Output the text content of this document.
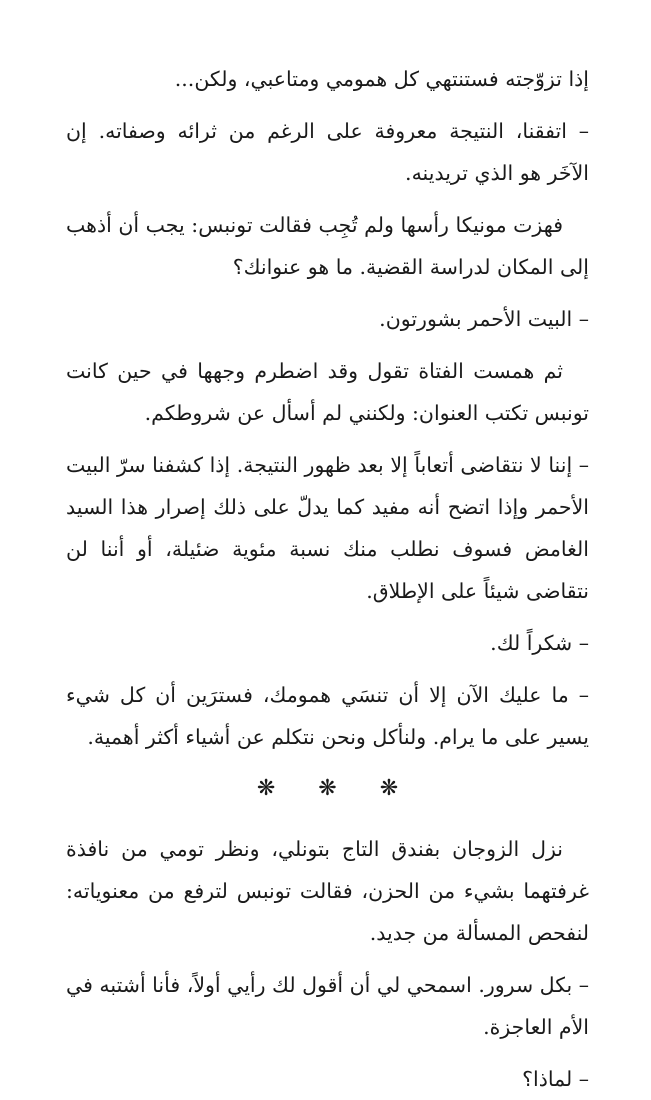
إذا تزوّجته فستنتهي كل همومي ومتاعبي، ولكن...

– اتفقنا، النتيجة معروفة على الرغم من ثرائه وصفاته. إن الآخَر هو الذي تريدينه.

فهزت مونيكا رأسها ولم تُجِب فقالت تونبس: يجب أن أذهب إلى المكان لدراسة القضية. ما هو عنوانك؟

– البيت الأحمر بشورتون.

ثم همست الفتاة تقول وقد اضطرم وجهها في حين كانت تونبس تكتب العنوان: ولكنني لم أسأل عن شروطكم.

– إننا لا نتقاضى أتعاباً إلا بعد ظهور النتيجة. إذا كشفنا سرّ البيت الأحمر وإذا اتضح أنه مفيد كما يدلّ على ذلك إصرار هذا السيد الغامض فسوف نطلب منك نسبة مئوية ضئيلة، أو أننا لن نتقاضى شيئاً على الإطلاق.

– شكراً لك.

– ما عليك الآن إلا أن تنسَي همومك، فسترَين أن كل شيء يسير على ما يرام. ولنأكل ونحن نتكلم عن أشياء أكثر أهمية.

❋ ❋ ❋

نزل الزوجان بفندق التاج بتونلي، ونظر تومي من نافذة غرفتهما بشيء من الحزن، فقالت تونبس لترفع من معنوياته: لنفحص المسألة من جديد.

– بكل سرور. اسمحي لي أن أقول لك رأيي أولاً، فأنا أشتبه في الأم العاجزة.

– لماذا؟
